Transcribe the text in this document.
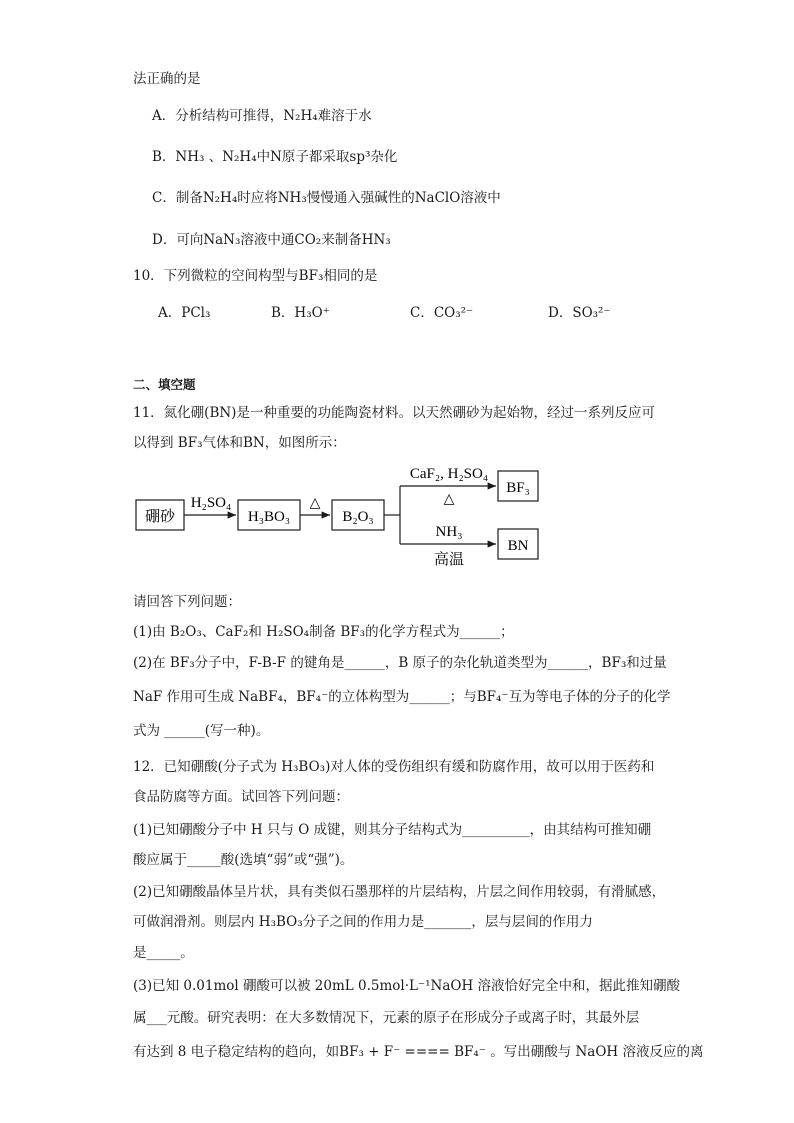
法正确的是
A．分析结构可推得，N₂H₄难溶于水
B．NH₃ 、N₂H₄中N原子都采取sp³杂化
C．制备N₂H₄时应将NH₃慢慢通入强碱性的NaClO溶液中
D．可向NaN₃溶液中通CO₂来制备HN₃
10．下列微粒的空间构型与BF₃相同的是
A．PCl₃	B．H₃O⁺	C．CO₃²⁻	D．SO₃²⁻
二、填空题
11．氮化硼(BN)是一种重要的功能陶瓷材料。以天然硼砂为起始物，经过一系列反应可
以得到 BF₃气体和BN，如图所示：
硼砂
H₂SO₄
H₃BO₃
△
B₂O₃
CaF₂, H₂SO₄
△
NH₃
高温
BF₃
BN
请回答下列问题：
(1)由 B₂O₃、CaF₂和 H₂SO₄制备 BF₃的化学方程式为______；
(2)在 BF₃分子中，F-B-F 的键角是______，B 原子的杂化轨道类型为______，BF₃和过量
NaF 作用可生成 NaBF₄，BF₄⁻的立体构型为______；与BF₄⁻互为等电子体的分子的化学
式为 ______(写一种)。
12．已知硼酸(分子式为 H₃BO₃)对人体的受伤组织有缓和防腐作用，故可以用于医药和
食品防腐等方面。试回答下列问题：
(1)已知硼酸分子中 H 只与 O 成键，则其分子结构式为__________，由其结构可推知硼
酸应属于_____酸(选填“弱”或“强”)。
(2)已知硼酸晶体呈片状，具有类似石墨那样的片层结构，片层之间作用较弱，有滑腻感，
可做润滑剂。则层内 H₃BO₃分子之间的作用力是_______，层与层间的作用力
是_____。
(3)已知 0.01mol 硼酸可以被 20mL 0.5mol·L⁻¹NaOH 溶液恰好完全中和，据此推知硼酸
属___元酸。研究表明：在大多数情况下，元素的原子在形成分子或离子时，其最外层
有达到 8 电子稳定结构的趋向，如BF₃ + F⁻ ==== BF₄⁻ 。写出硼酸与 NaOH 溶液反应的离
